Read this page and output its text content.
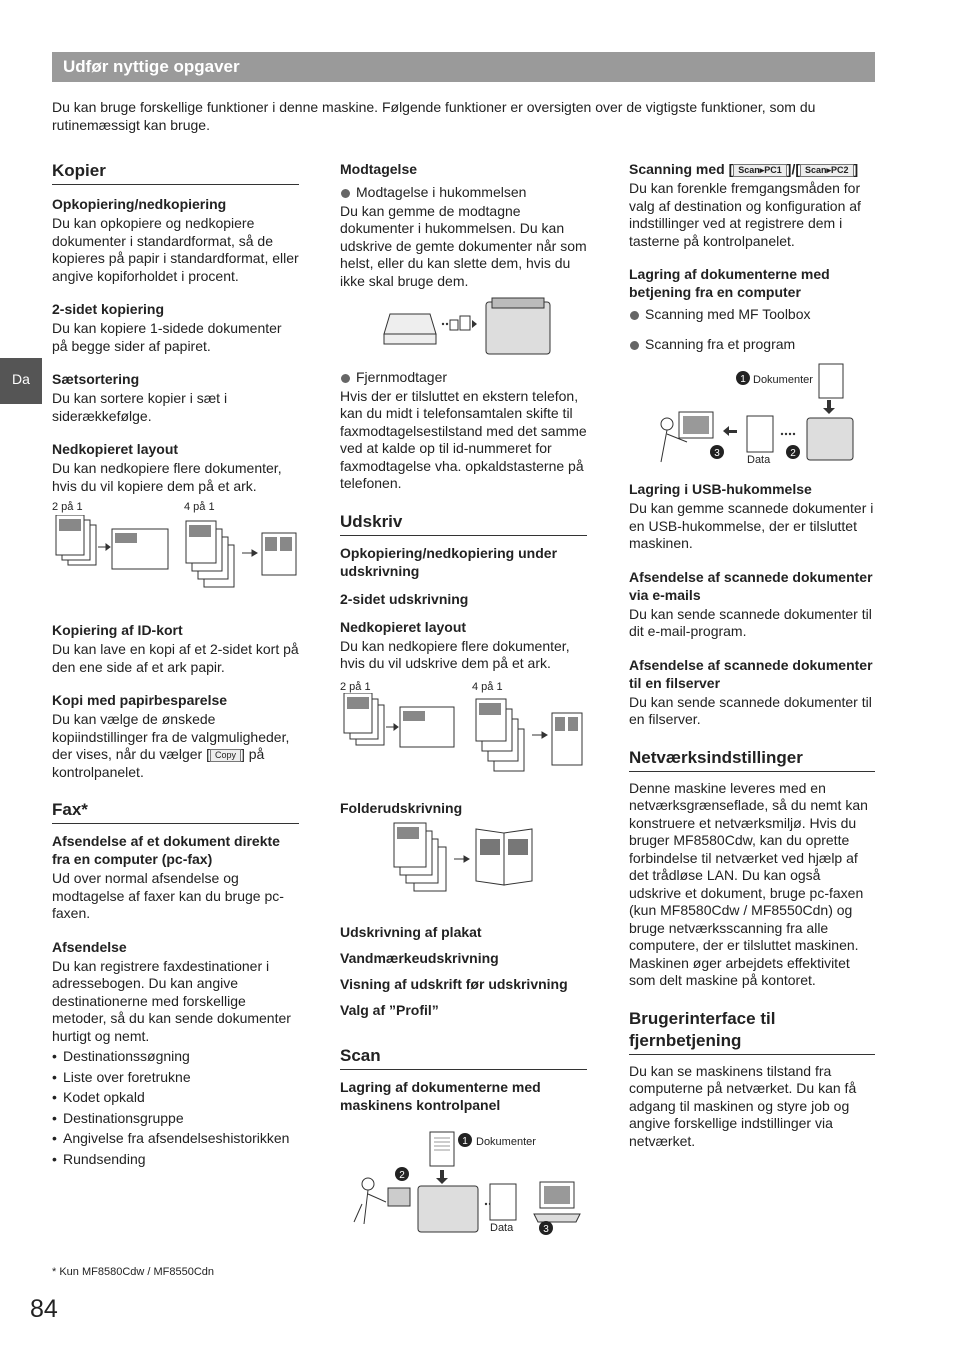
Udfør nyttige opgaver
Du kan bruge forskellige funktioner i denne maskine. Følgende funktioner er oversigten over de vigtigste funktioner, som du rutinemæssigt kan bruge.
Da
Kopier
Opkopiering/nedkopiering

Du kan opkopiere og nedkopiere dokumenter i standardformat, så de kopieres på papir i standardformat, eller angive kopiforholdet i procent.

2-sidet kopiering

Du kan kopiere 1-sidede dokumenter på begge sider af papiret.

Sætsortering

Du kan sortere kopier i sæt i siderækkefølge.

Nedkopieret layout

Du kan nedkopiere flere dokumenter, hvis du vil kopiere dem på et ark.

2 på 1	4 på 1
Kopiering af ID-kort

Du kan lave en kopi af et 2-sidet kort på den ene side af et ark papir.

Kopi med papirbesparelse

Du kan vælge de ønskede kopiindstillinger fra de valgmuligheder, der vises, når du vælger [ Copy ] på kontrolpanelet.

Fax*
Afsendelse af et dokument direkte fra en computer (pc-fax)

Ud over normal afsendelse og modtagelse af faxer kan du bruge pc-faxen.

Afsendelse

Du kan registrere faxdestinationer i adressebogen. Du kan angive destinationerne med forskellige metoder, så du kan sende dokumenter hurtigt og nemt.

• Destinationssøgning
• Liste over foretrukne
• Kodet opkald
• Destinationsgruppe
• Angivelse fra afsendelseshistorikken
• Rundsending
Modtagelse
Modtagelse i hukommelsen

Du kan gemme de modtagne dokumenter i hukommelsen. Du kan udskrive de gemte dokumenter når som helst, eller du kan slette dem, hvis du ikke skal bruge dem.

Fjernmodtager

Hvis der er tilsluttet en ekstern telefon, kan du midt i telefonsamtalen skifte til faxmodtagelsestilstand med det samme ved at kalde op til id-nummeret for faxmodtagelse vha. opkaldstasterne på telefonen.

Udskriv
Opkopiering/nedkopiering under udskrivning
2-sidet udskrivning
Nedkopieret layout

Du kan nedkopiere flere dokumenter, hvis du vil udskrive dem på et ark.

2 på 1	4 på 1
Folderudskrivning
Udskrivning af plakat
Vandmærkeudskrivning
Visning af udskrift før udskrivning
Valg af ”Profil”
Scan
Lagring af dokumenterne med maskinens kontrolpanel
1
2
3
Dokumenter
Data
Scanning med [ Scan▸PC1 ]/[ Scan▸PC2 ]

Du kan forenkle fremgangsmåden for valg af destination og konfiguration af indstillinger ved at registrere dem i tasterne på kontrolpanelet.

Lagring af dokumenterne med betjening fra en computer
Scanning med MF Toolbox
Scanning fra et program
1
2
3
Dokumenter
Data
Lagring i USB-hukommelse

Du kan gemme scannede dokumenter i en USB-hukommelse, der er tilsluttet maskinen.

Afsendelse af scannede dokumenter via e-mails

Du kan sende scannede dokumenter til dit e-mail-program.

Afsendelse af scannede dokumenter til en filserver

Du kan sende scannede dokumenter til en filserver.

Netværksindstillinger

Denne maskine leveres med en netværksgrænseflade, så du nemt kan konstruere et netværksmiljø. Hvis du bruger MF8580Cdw, kan du oprette forbindelse til netværket ved hjælp af det trådløse LAN. Du kan også udskrive et dokument, bruge pc-faxen (kun MF8580Cdw / MF8550Cdn) og bruge netværksscanning fra alle computere, der er tilsluttet maskinen. Maskinen øger arbejdets effektivitet som delt maskine på kontoret.

Brugerinterface til fjernbetjening

Du kan se maskinens tilstand fra computerne på netværket. Du kan få adgang til maskinen og styre job og angive forskellige indstillinger via netværket.

* Kun MF8580Cdw / MF8550Cdn
84
